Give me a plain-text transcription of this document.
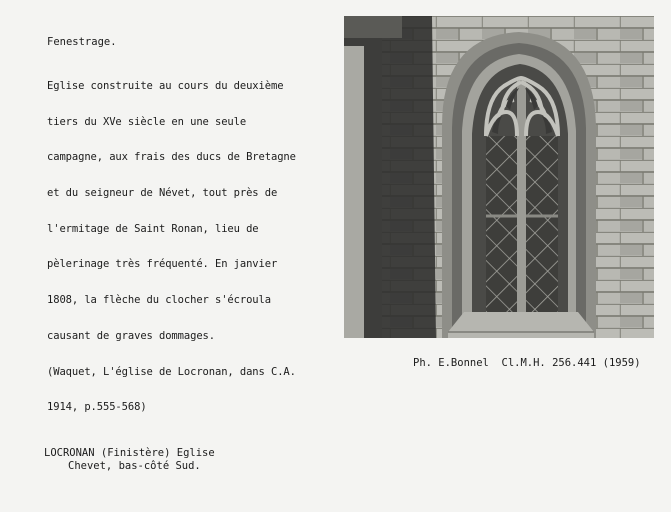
Fenestrage.

Eglise construite au cours du deuxième

tiers du XVe siècle en une seule

campagne, aux frais des ducs de Bretagne

et du seigneur de Névet, tout près de

l'ermitage de Saint Ronan, lieu de

pèlerinage très fréquenté. En janvier

1808, la flèche du clocher s'écroula

causant de graves dommages.

(Waquet, L'église de Locronan, dans C.A.

1914, p.555-568)

Ph. E.Bonnel  Cl.M.H. 256.441 (1959)

LOCRONAN (Finistère) Eglise
Chevet, bas-côté Sud.
